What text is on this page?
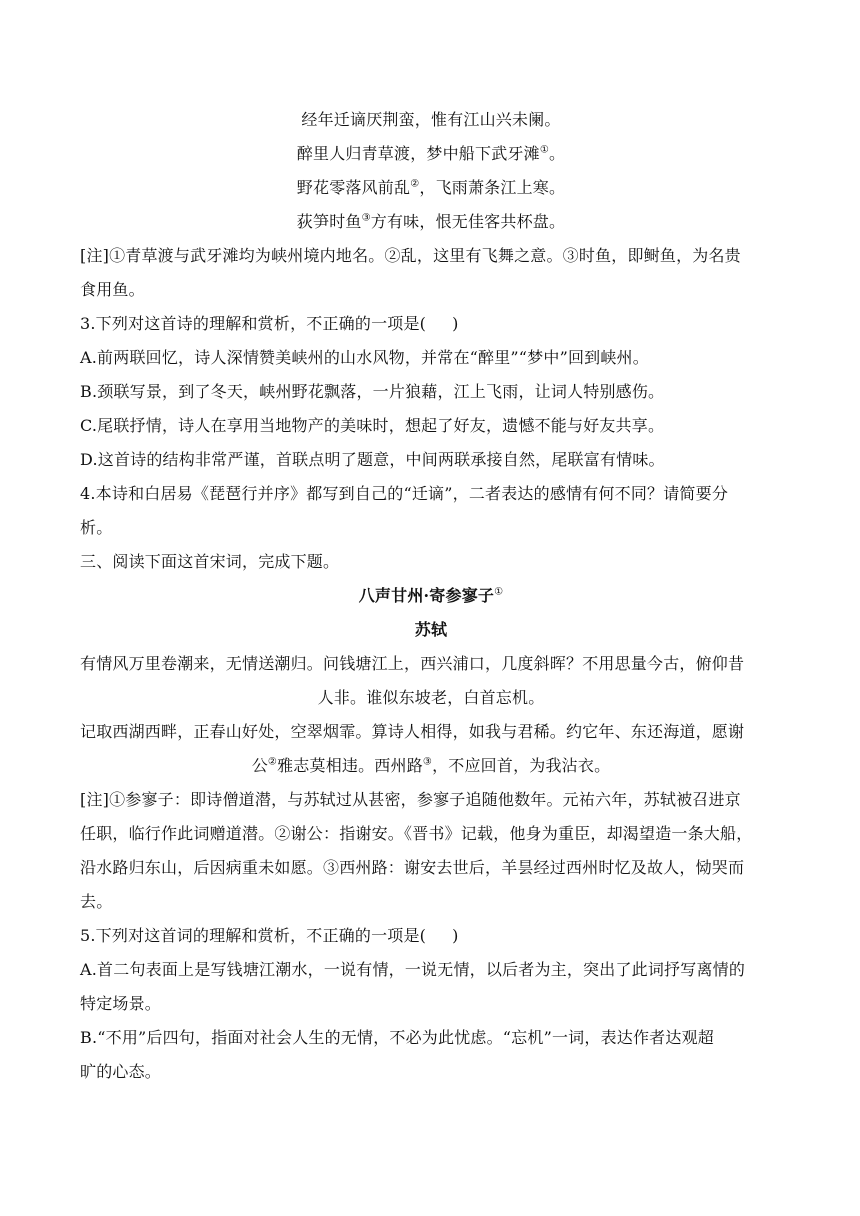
经年迁谪厌荆蛮，惟有江山兴未阑。
醉里人归青草渡，梦中船下武牙滩①。
野花零落风前乱②，飞雨萧条江上寒。
荻笋时鱼③方有味，恨无佳客共杯盘。
[注]①青草渡与武牙滩均为峡州境内地名。②乱，这里有飞舞之意。③时鱼，即鲥鱼，为名贵
食用鱼。
3.下列对这首诗的理解和赏析，不正确的一项是( )
A.前两联回忆，诗人深情赞美峡州的山水风物，并常在“醉里”“梦中”回到峡州。
B.颈联写景，到了冬天，峡州野花飘落，一片狼藉，江上飞雨，让词人特别感伤。
C.尾联抒情，诗人在享用当地物产的美味时，想起了好友，遗憾不能与好友共享。
D.这首诗的结构非常严谨，首联点明了题意，中间两联承接自然，尾联富有情味。
4.本诗和白居易《琵琶行并序》都写到自己的“迁谪”，二者表达的感情有何不同？请简要分
析。
三、阅读下面这首宋词，完成下题。
八声甘州·寄参寥子①
苏轼
有情风万里卷潮来，无情送潮归。问钱塘江上，西兴浦口，几度斜晖？不用思量今古，俯仰昔
人非。谁似东坡老，白首忘机。
记取西湖西畔，正春山好处，空翠烟霏。算诗人相得，如我与君稀。约它年、东还海道，愿谢
公②雅志莫相违。西州路③，不应回首，为我沾衣。
[注]①参寥子：即诗僧道潜，与苏轼过从甚密，参寥子追随他数年。元祐六年，苏轼被召进京
任职，临行作此词赠道潜。②谢公：指谢安。《晋书》记载，他身为重臣，却渴望造一条大船，
沿水路归东山，后因病重未如愿。③西州路：谢安去世后，羊昙经过西州时忆及故人，恸哭而
去。
5.下列对这首词的理解和赏析，不正确的一项是( )
A.首二句表面上是写钱塘江潮水，一说有情，一说无情，以后者为主，突出了此词抒写离情的
特定场景。
B.“不用”后四句，指面对社会人生的无情，不必为此忧虑。“忘机”一词，表达作者达观超
旷的心态。
